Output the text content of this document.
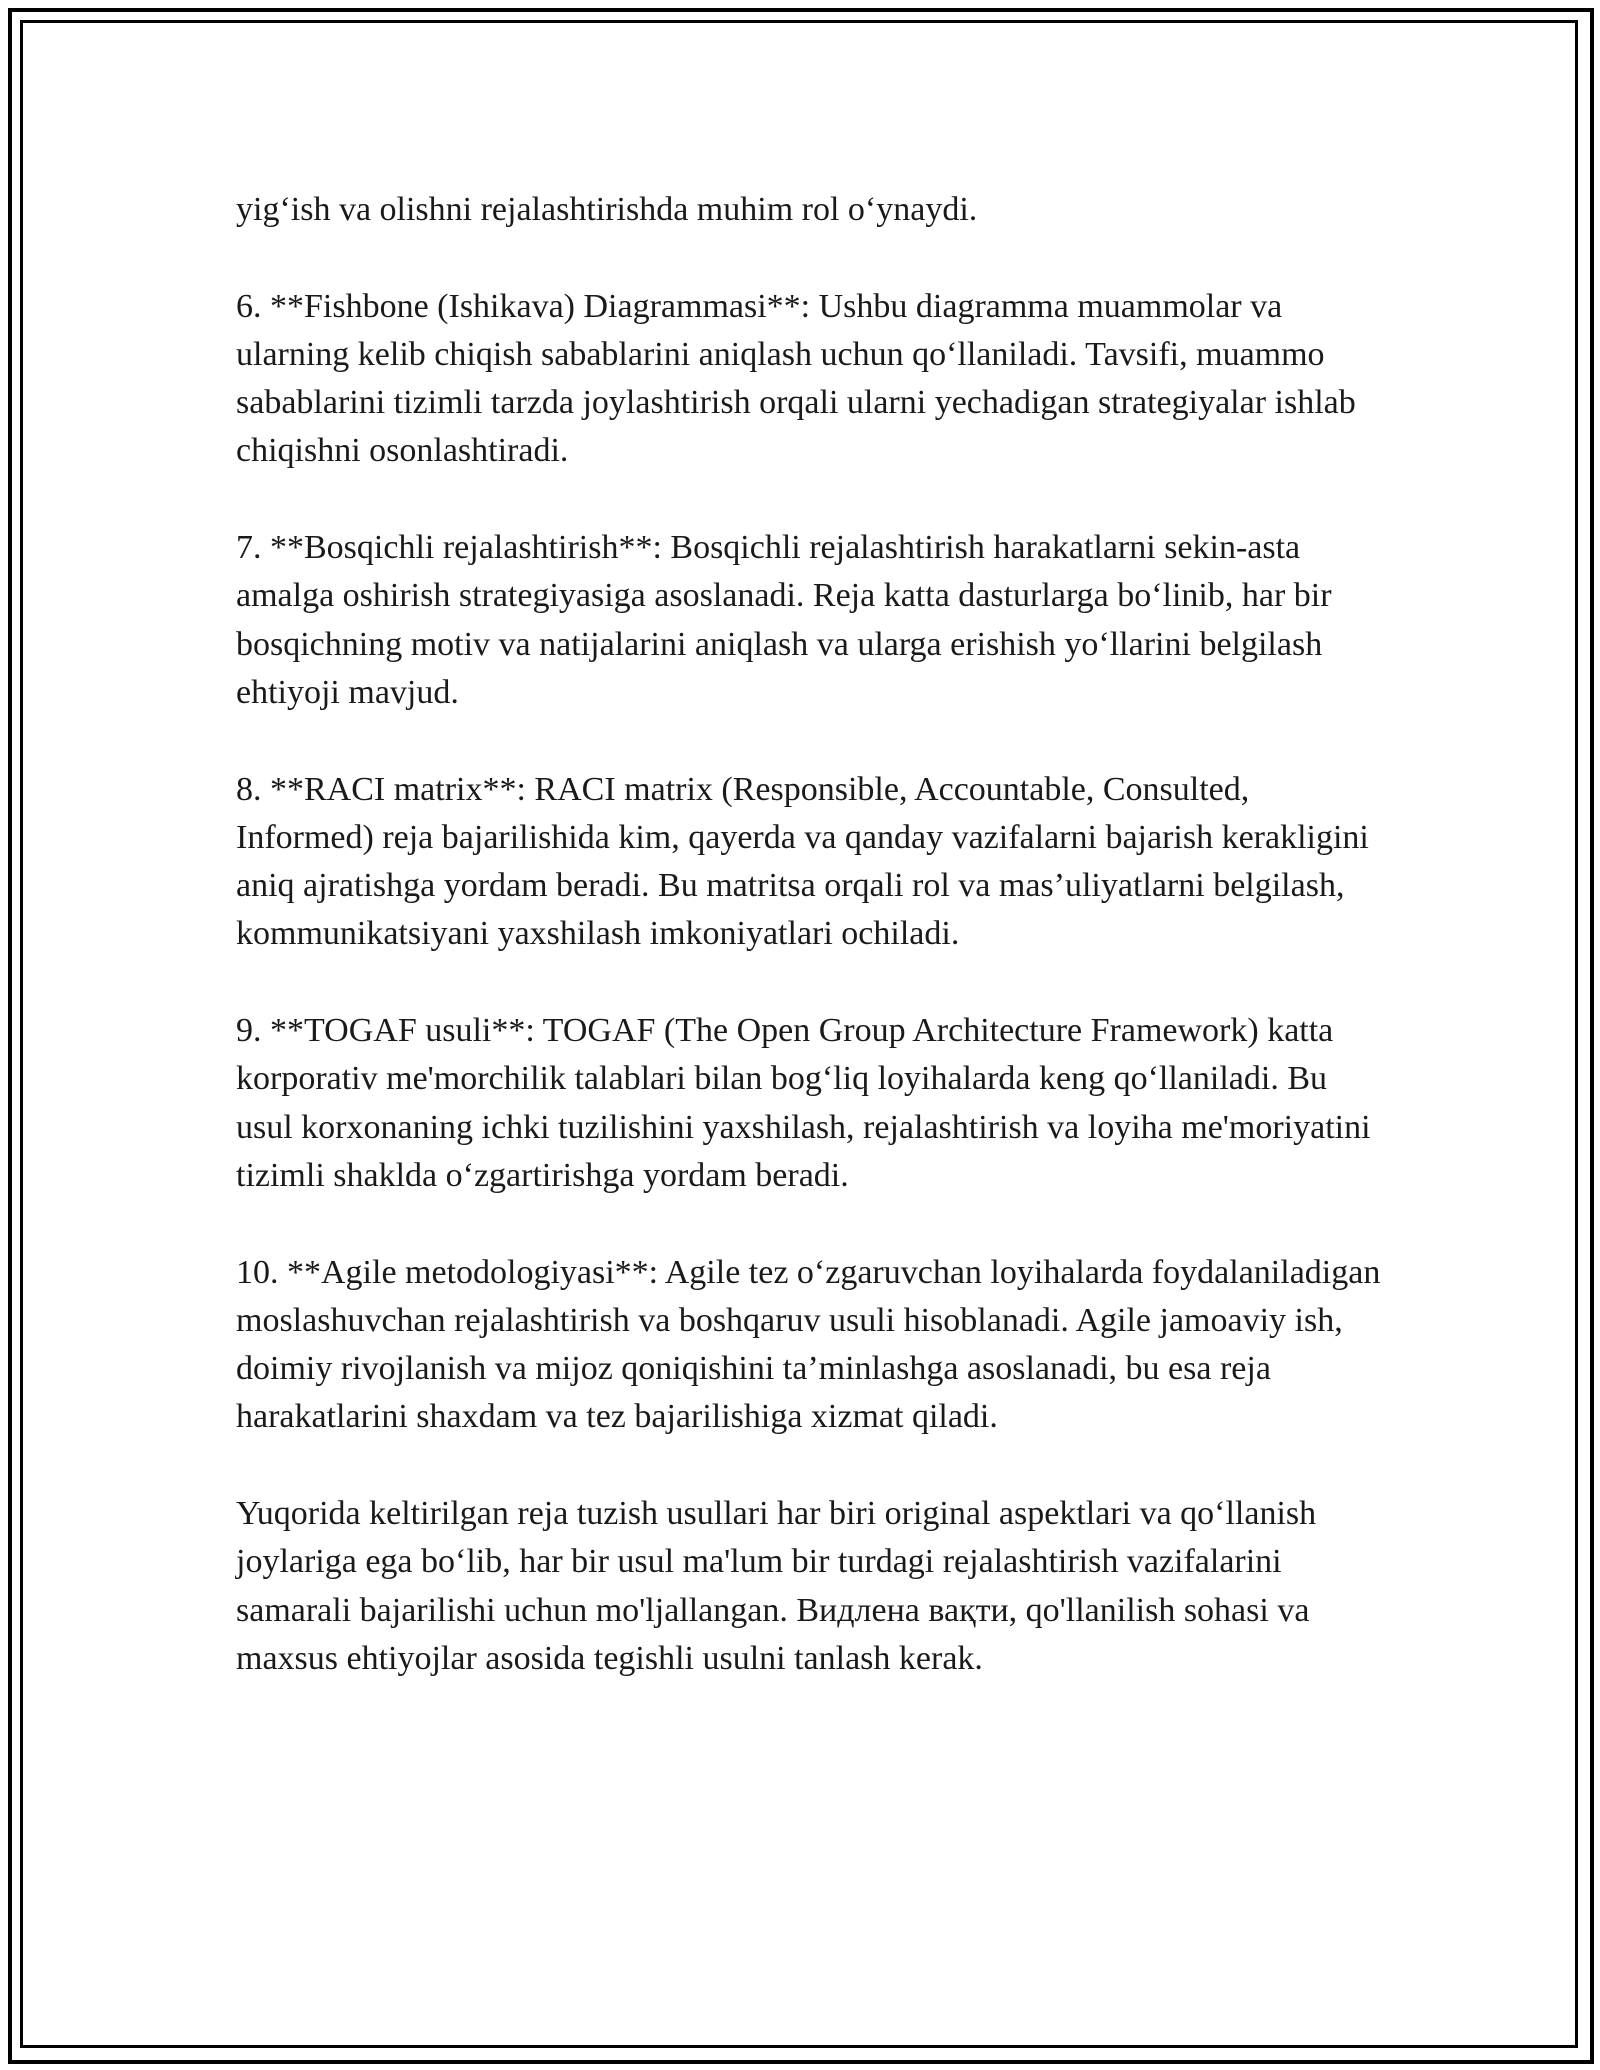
yig‘ish va olishni rejalashtirishda muhim rol o‘ynaydi.

6. **Fishbone (Ishikava) Diagrammasi**: Ushbu diagramma muammolar va ularning kelib chiqish sabablarini aniqlash uchun qo‘llaniladi. Tavsifi, muammo sabablarini tizimli tarzda joylashtirish orqali ularni yechadigan strategiyalar ishlab chiqishni osonlashtiradi.

7. **Bosqichli rejalashtirish**: Bosqichli rejalashtirish harakatlarni sekin-asta amalga oshirish strategiyasiga asoslanadi. Reja katta dasturlarga bo‘linib, har bir bosqichning motiv va natijalarini aniqlash va ularga erishish yo‘llarini belgilash ehtiyoji mavjud.

8. **RACI matrix**: RACI matrix (Responsible, Accountable, Consulted, Informed) reja bajarilishida kim, qayerda va qanday vazifalarni bajarish kerakligini aniq ajratishga yordam beradi. Bu matritsa orqali rol va mas’uliyatlarni belgilash, kommunikatsiyani yaxshilash imkoniyatlari ochiladi.

9. **TOGAF usuli**: TOGAF (The Open Group Architecture Framework) katta korporativ me'morchilik talablari bilan bog‘liq loyihalarda keng qo‘llaniladi. Bu usul korxonaning ichki tuzilishini yaxshilash, rejalashtirish va loyiha me'moriyatini tizimli shaklda o‘zgartirishga yordam beradi.

10. **Agile metodologiyasi**: Agile tez o‘zgaruvchan loyihalarda foydalaniladigan moslashuvchan rejalashtirish va boshqaruv usuli hisoblanadi. Agile jamoaviy ish, doimiy rivojlanish va mijoz qoniqishini ta’minlashga asoslanadi, bu esa reja harakatlarini shaxdam va tez bajarilishiga xizmat qiladi.

Yuqorida keltirilgan reja tuzish usullari har biri original aspektlari va qo‘llanish joylariga ega bo‘lib, har bir usul ma'lum bir turdagi rejalashtirish vazifalarini samarali bajarilishi uchun mo'ljallangan. Видлена вақти, qo'llanilish sohasi va maxsus ehtiyojlar asosida tegishli usulni tanlash kerak.
